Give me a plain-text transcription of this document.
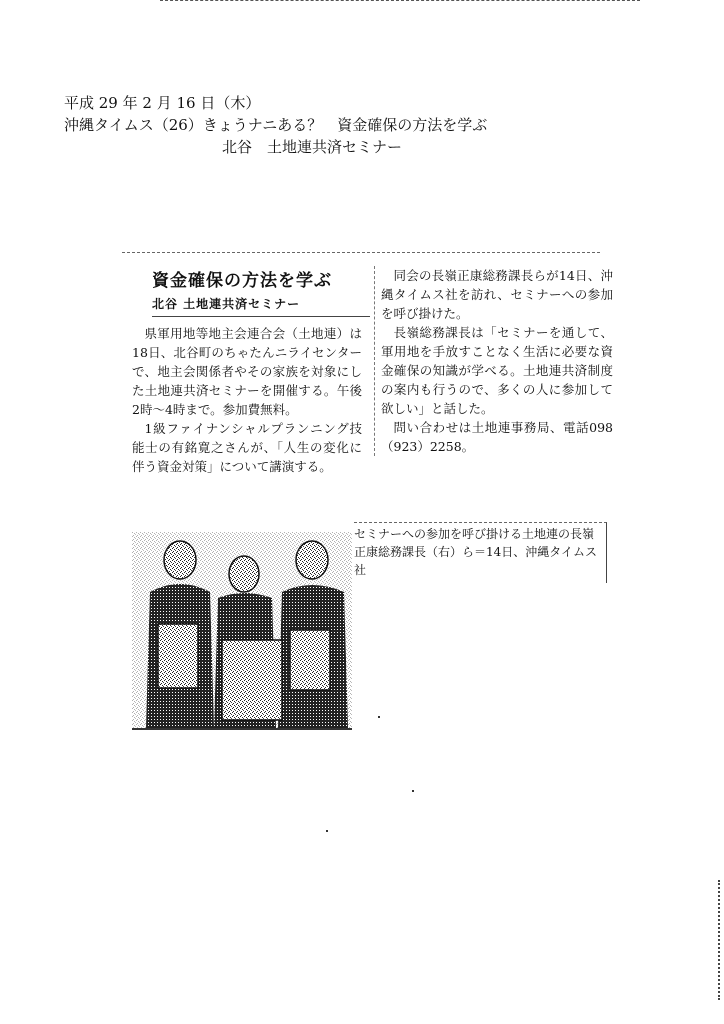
平成 29 年 2 月 16 日（木）
沖縄タイムス（26）きょうナニある？　資金確保の方法を学ぶ
北谷　土地連共済セミナー
資金確保の方法を学ぶ
北谷 土地連共済セミナー

県軍用地等地主会連合会（土地連）は18日、北谷町のちゃたんニライセンターで、地主会関係者やその家族を対象にした土地連共済セミナーを開催する。午後2時～4時まで。参加費無料。

1級ファイナンシャルプランニング技能士の有銘寛之さんが、「人生の変化に伴う資金対策」について講演する。

同会の長嶺正康総務課長らが14日、沖縄タイムス社を訪れ、セミナーへの参加を呼び掛けた。

長嶺総務課長は「セミナーを通して、軍用地を手放すことなく生活に必要な資金確保の知識が学べる。土地連共済制度の案内も行うので、多くの人に参加して欲しい」と話した。

問い合わせは土地連事務局、電話098（923）2258。

セミナーへの参加を呼び掛ける土地連の長嶺正康総務課長（右）ら＝14日、沖縄タイムス社
